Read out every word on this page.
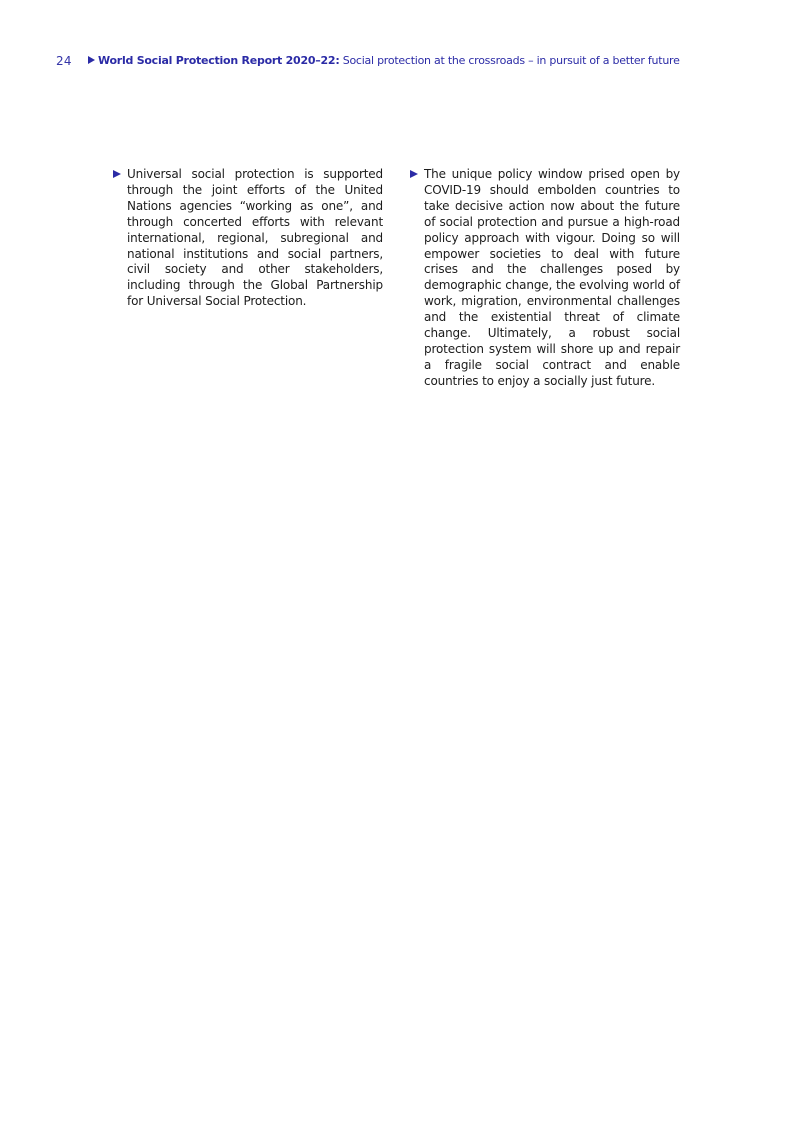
24	World Social Protection Report 2020–22: Social protection at the crossroads – in pursuit of a better future
Universal social protection is supported through the joint efforts of the United Nations agencies “working as one”, and through concerted efforts with relevant international, regional, subregional and national institutions and social partners, civil society and other stakeholders, including through the Global Partnership for Universal Social Protection.
The unique policy window prised open by COVID-19 should embolden countries to take decisive action now about the future of social protection and pursue a high-road policy approach with vigour. Doing so will empower societies to deal with future crises and the challenges posed by demographic change, the evolving world of work, migration, environmental challenges and the existential threat of climate change. Ultimately, a robust social protection system will shore up and repair a fragile social contract and enable countries to enjoy a socially just future.
